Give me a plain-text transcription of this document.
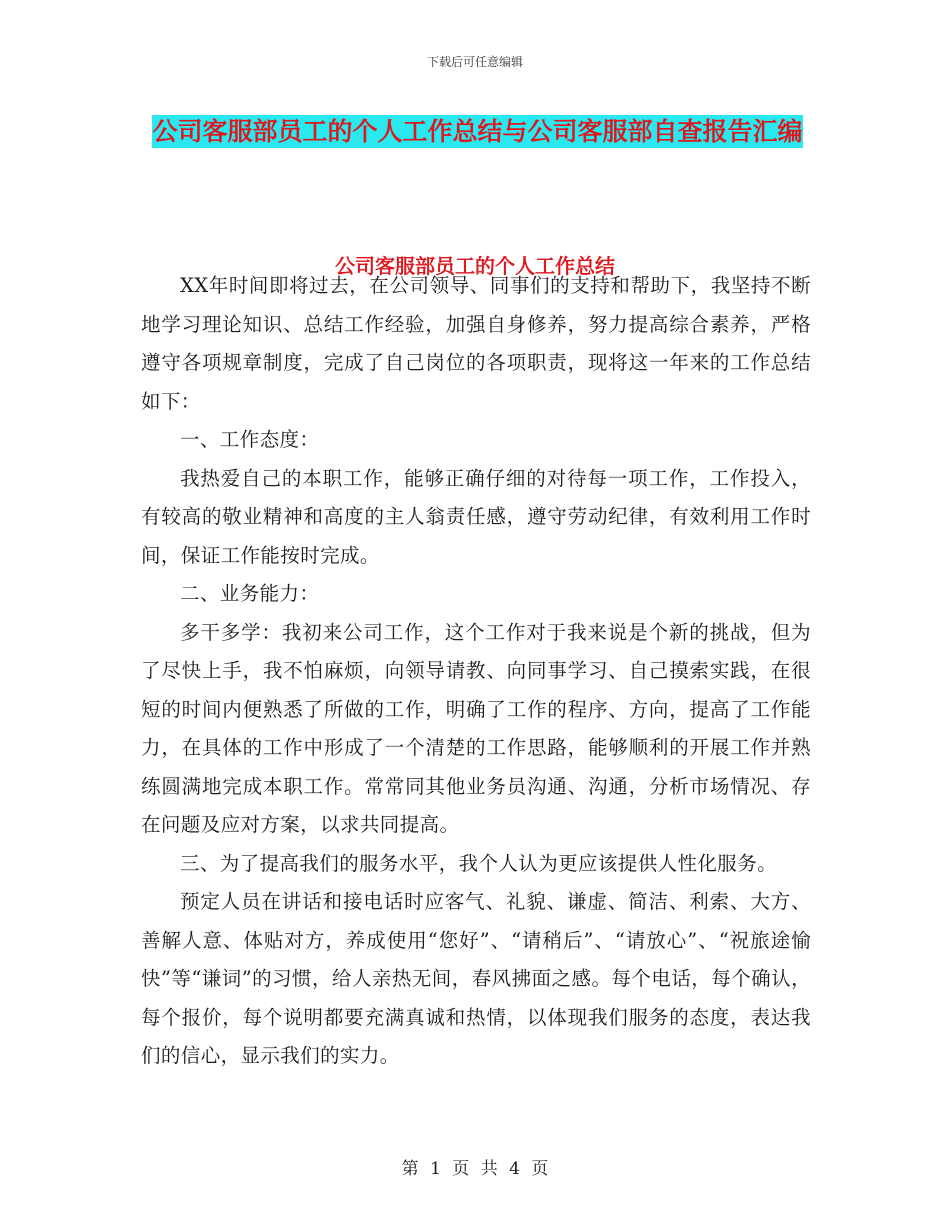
下载后可任意编辑
公司客服部员工的个人工作总结与公司客服部自查报告汇编
公司客服部员工的个人工作总结

XX年时间即将过去，在公司领导、同事们的支持和帮助下，我坚持不断地学习理论知识、总结工作经验，加强自身修养，努力提高综合素养，严格遵守各项规章制度，完成了自己岗位的各项职责，现将这一年来的工作总结如下：

一、工作态度：

我热爱自己的本职工作，能够正确仔细的对待每一项工作，工作投入，有较高的敬业精神和高度的主人翁责任感，遵守劳动纪律，有效利用工作时间，保证工作能按时完成。

二、业务能力：

多干多学：我初来公司工作，这个工作对于我来说是个新的挑战，但为了尽快上手，我不怕麻烦，向领导请教、向同事学习、自己摸索实践，在很短的时间内便熟悉了所做的工作，明确了工作的程序、方向，提高了工作能力，在具体的工作中形成了一个清楚的工作思路，能够顺利的开展工作并熟练圆满地完成本职工作。常常同其他业务员沟通、沟通，分析市场情况、存在问题及应对方案，以求共同提高。

三、为了提高我们的服务水平，我个人认为更应该提供人性化服务。

预定人员在讲话和接电话时应客气、礼貌、谦虚、简洁、利索、大方、善解人意、体贴对方，养成使用“您好”、“请稍后”、“请放心”、“祝旅途愉快”等“谦词”的习惯，给人亲热无间，春风拂面之感。每个电话，每个确认，每个报价，每个说明都要充满真诚和热情，以体现我们服务的态度，表达我们的信心，显示我们的实力。

第 1 页 共 4 页
